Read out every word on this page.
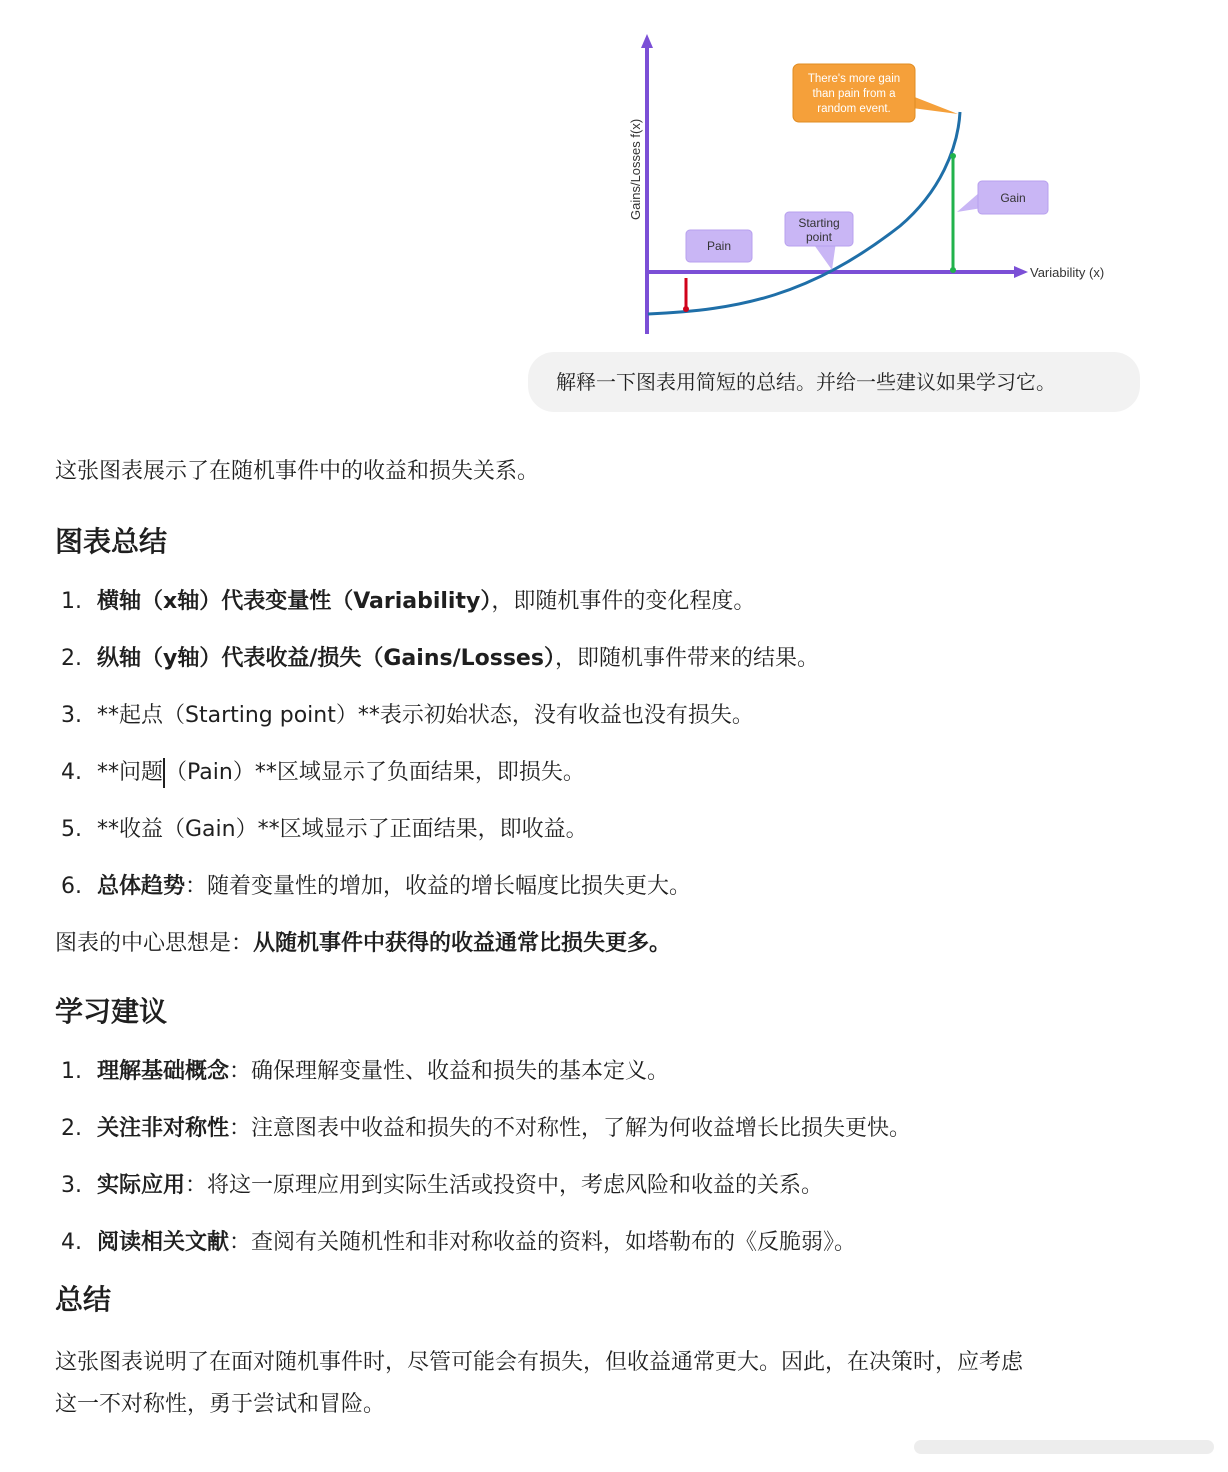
Variability (x)
Gains/Losses f(x)
Pain
Starting
point
Gain
There's more gain
than pain from a
random event.
解释一下图表用简短的总结。并给一些建议如果学习它。

这张图表展示了在随机事件中的收益和损失关系。

图表总结
1. 横轴（x轴）代表变量性（Variability），即随机事件的变化程度。
2. 纵轴（y轴）代表收益/损失（Gains/Losses），即随机事件带来的结果。
3. **起点（Starting point）**表示初始状态，没有收益也没有损失。
4. **问题（Pain）**区域显示了负面结果，即损失。
5. **收益（Gain）**区域显示了正面结果，即收益。
6. 总体趋势：随着变量性的增加，收益的增长幅度比损失更大。

图表的中心思想是：从随机事件中获得的收益通常比损失更多。

学习建议
1. 理解基础概念：确保理解变量性、收益和损失的基本定义。
2. 关注非对称性：注意图表中收益和损失的不对称性，了解为何收益增长比损失更快。
3. 实际应用：将这一原理应用到实际生活或投资中，考虑风险和收益的关系。
4. 阅读相关文献：查阅有关随机性和非对称收益的资料，如塔勒布的《反脆弱》。
总结

这张图表说明了在面对随机事件时，尽管可能会有损失，但收益通常更大。因此，在决策时，应考虑
这一不对称性，勇于尝试和冒险。
